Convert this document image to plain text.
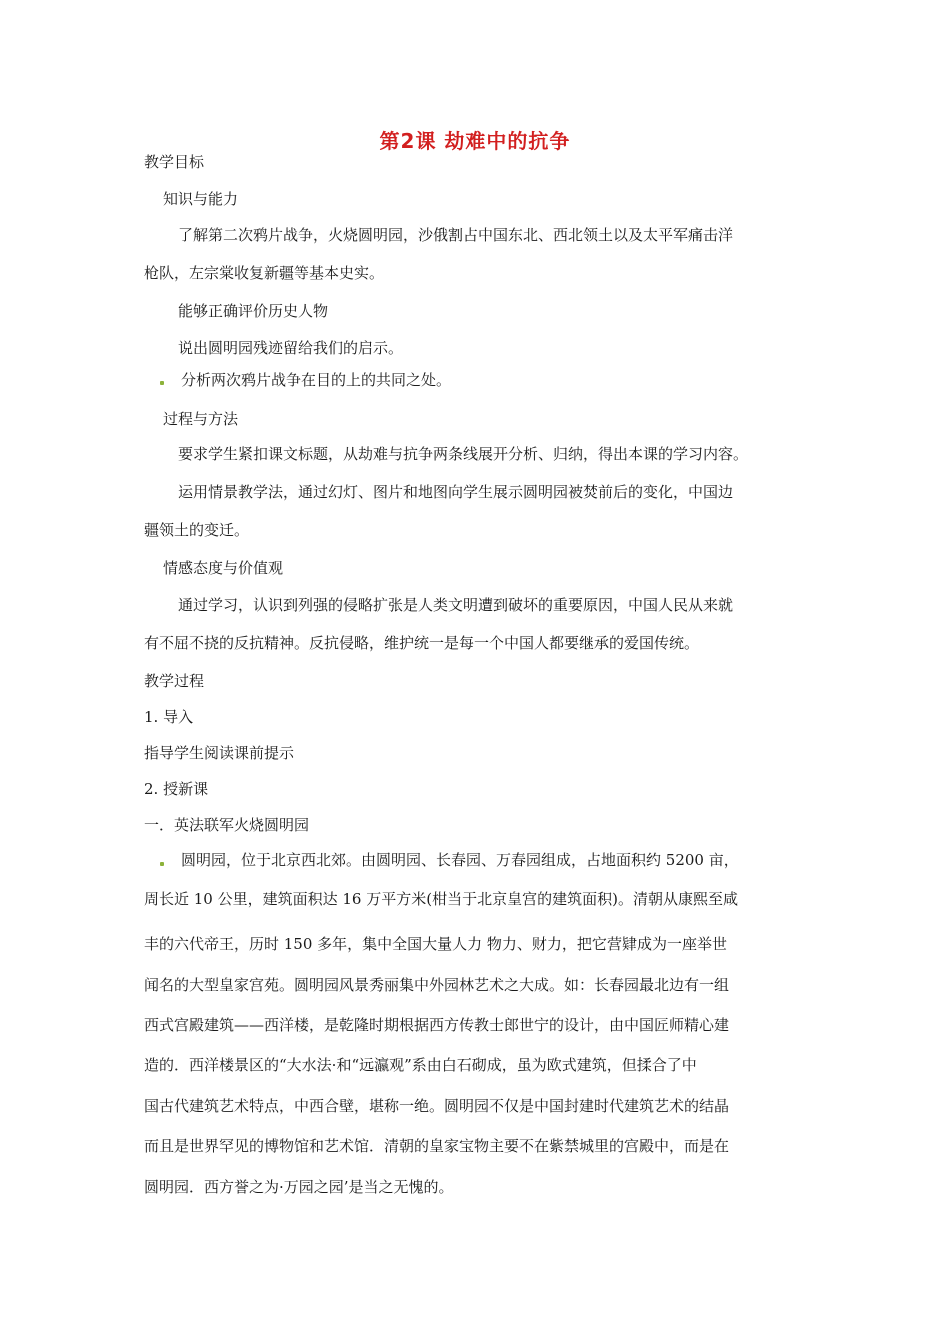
第2课 劫难中的抗争
教学目标
知识与能力
了解第二次鸦片战争，火烧圆明园，沙俄割占中国东北、西北领土以及太平军痛击洋
枪队，左宗棠收复新疆等基本史实。
能够正确评价历史人物
说出圆明园残迹留给我们的启示。
分析两次鸦片战争在目的上的共同之处。
过程与方法
要求学生紧扣课文标题，从劫难与抗争两条线展开分析、归纳，得出本课的学习内容。
运用情景教学法，通过幻灯、图片和地图向学生展示圆明园被焚前后的变化，中国边
疆领土的变迁。
情感态度与价值观
通过学习，认识到列强的侵略扩张是人类文明遭到破坏的重要原因，中国人民从来就
有不屈不挠的反抗精神。反抗侵略，维护统一是每一个中国人都要继承的爱国传统。
教学过程
1. 导入
指导学生阅读课前提示
2. 授新课
一．英法联军火烧圆明园
圆明园，位于北京西北郊。由圆明园、长春园、万春园组成，占地面积约 5200 亩，
周长近 10 公里，建筑面积达 16 万平方米(柑当于北京皇宫的建筑面积)。清朝从康熙至咸
丰的六代帝王，历时 150 多年，集中全国大量人力 物力、财力，把它营肄成为一座举世
闻名的大型皇家宫苑。圆明园风景秀丽集中外园林艺术之大成。如：长春园最北边有一组
西式宫殿建筑——西洋楼，是乾隆时期根据西方传教士郎世宁的设计，由中国匠师精心建
造的．西洋楼景区的“大水法·和“远瀛观”系由白石砌成，虽为欧式建筑，但揉合了中
国古代建筑艺术特点，中西合壁，堪称一绝。圆明园不仅是中国封建时代建筑艺术的结晶
而且是世界罕见的博物馆和艺术馆．清朝的皇家宝物主要不在紫禁城里的宫殿中，而是在
圆明园．西方誉之为·万园之园’是当之无愧的。
